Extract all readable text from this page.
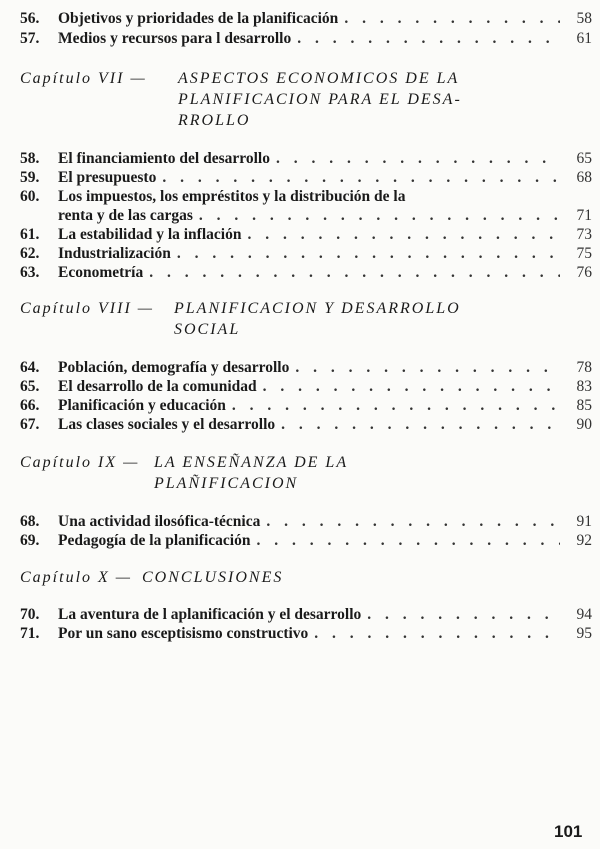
56.	Objetivos y prioridades de la planificación . . .	58
57.	Medios y recursos para l desarrollo . . .	61
Capítulo VII — ASPECTOS ECONOMICOS DE LA
PLANIFICACION PARA EL DESA-
RROLLO
58.	El financiamiento del desarrollo . . .	65
59.	El presupuesto . . .	68
60.	Los impuestos, los empréstitos y la distribución de la
renta y de las cargas . . .	71
61.	La estabilidad y la inflación . . .	73
62.	Industrialización . . .	75
63.	Econometría . . .	76
Capítulo VIII — PLANIFICACION Y DESARROLLO
SOCIAL
64.	Población, demografía y desarrollo . . .	78
65.	El desarrollo de la comunidad . . .	83
66.	Planificación y educación . . .	85
67.	Las clases sociales y el desarrollo . . .	90
Capítulo IX — LA ENSEÑANZA DE LA
PLAÑIFICACION
68.	Una actividad ilosófica-técnica . . .	91
69.	Pedagogía de la planificación . . .	92
Capítulo X — CONCLUSIONES
70.	La aventura de l aplanificación y el desarrollo . . .	94
71.	Por un sano esceptisismo constructivo . . .	95
101
